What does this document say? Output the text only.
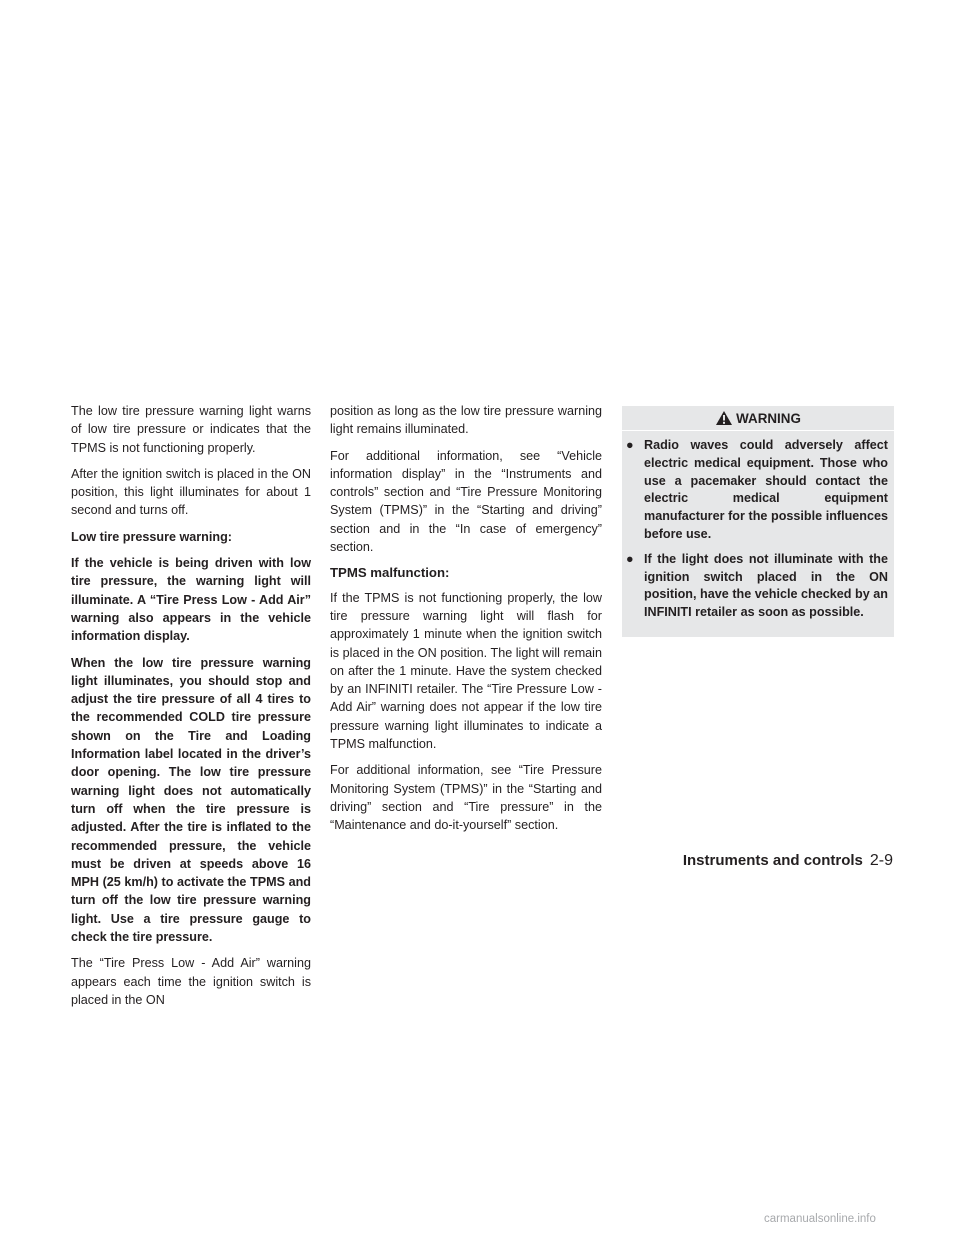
The low tire pressure warning light warns of low tire pressure or indicates that the TPMS is not functioning properly.

After the ignition switch is placed in the ON position, this light illuminates for about 1 second and turns off.

Low tire pressure warning:

If the vehicle is being driven with low tire pressure, the warning light will illuminate. A “Tire Press Low - Add Air” warning also appears in the vehicle information display.

When the low tire pressure warning light illuminates, you should stop and adjust the tire pressure of all 4 tires to the recommended COLD tire pressure shown on the Tire and Loading Information label located in the driver’s door opening. The low tire pressure warning light does not automatically turn off when the tire pressure is adjusted. After the tire is inflated to the recommended pressure, the vehicle must be driven at speeds above 16 MPH (25 km/h) to activate the TPMS and turn off the low tire pressure warning light. Use a tire pressure gauge to check the tire pressure.

The “Tire Press Low - Add Air” warning appears each time the ignition switch is placed in the ON

position as long as the low tire pressure warning light remains illuminated.

For additional information, see “Vehicle information display” in the “Instruments and controls” section and “Tire Pressure Monitoring System (TPMS)” in the “Starting and driving” section and in the “In case of emergency” section.

TPMS malfunction:

If the TPMS is not functioning properly, the low tire pressure warning light will flash for approximately 1 minute when the ignition switch is placed in the ON position. The light will remain on after the 1 minute. Have the system checked by an INFINITI retailer. The “Tire Pressure Low - Add Air” warning does not appear if the low tire pressure warning light illuminates to indicate a TPMS malfunction.

For additional information, see “Tire Pressure Monitoring System (TPMS)” in the “Starting and driving” section and “Tire pressure” in the “Maintenance and do-it-yourself” section.

WARNING
● Radio waves could adversely affect electric medical equipment. Those who use a pacemaker should contact the electric medical equipment manufacturer for the possible influences before use.
● If the light does not illuminate with the ignition switch placed in the ON position, have the vehicle checked by an INFINITI retailer as soon as possible.
Instruments and controls 2-9
carmanualsonline.info
